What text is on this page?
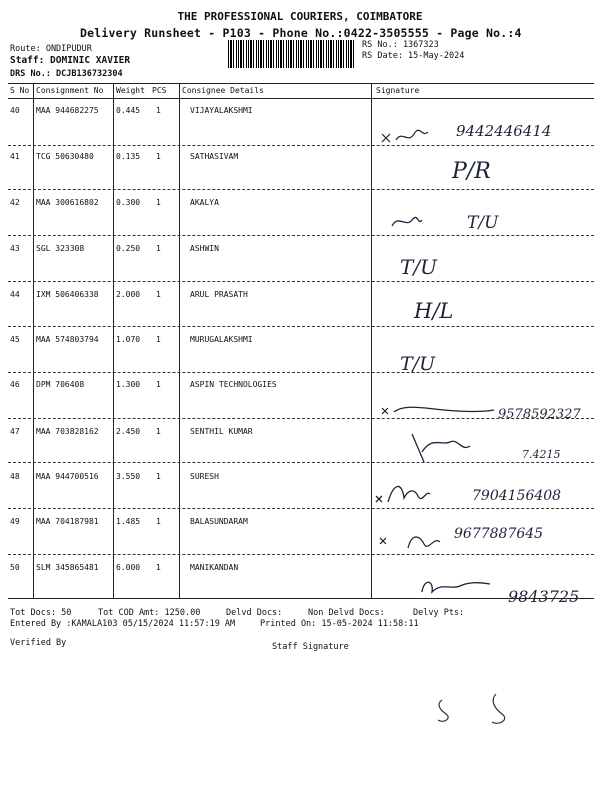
THE PROFESSIONAL COURIERS, COIMBATORE
Delivery Runsheet - P103 - Phone No.:0422-3505555 - Page No.:4
Route: ONDIPUDUR
Staff: DOMINIC XAVIER
DRS No.: DCJB136732304
RS No.: 1367323
RS Date: 15-May-2024
S No Consignment No Weight PCS Consignee Details	Signature
40 MAA 944682275 0.445 1	VIJAYALAKSHMI
9442446414
41 TCG 50630480	0.135 1	SATHASIVAM
P/R
42 MAA 300616802 0.300 1	AKALYA
T/U
43 SGL 323308	0.250 1	ASHWIN
T/U
44 IXM 506406338 2.000 1	ARUL PRASATH
H/L
45 MAA 574803794 1.070 1	MURUGALAKSHMI
T/U
46 DPM 706408	1.300 1	ASPIN TECHNOLOGIES
9578592327
47 MAA 703828162 2.450 1	SENTHIL KUMAR
7.4215
48 MAA 944700516 3.550 1	SURESH
7904156408
49 MAA 704187981 1.485 1	BALASUNDARAM
9677887645
50 SLM 345865481 6.000 1	MANIKANDAN
9843725
Tot Docs: 50	Tot COD Amt: 1250.00	Delvd Docs:	Non Delvd Docs:	Delvy Pts:
Entered By :KAMALA103 05/15/2024 11:57:19 AM	Printed On: 15-05-2024 11:58:11
Verified By	Staff Signature
